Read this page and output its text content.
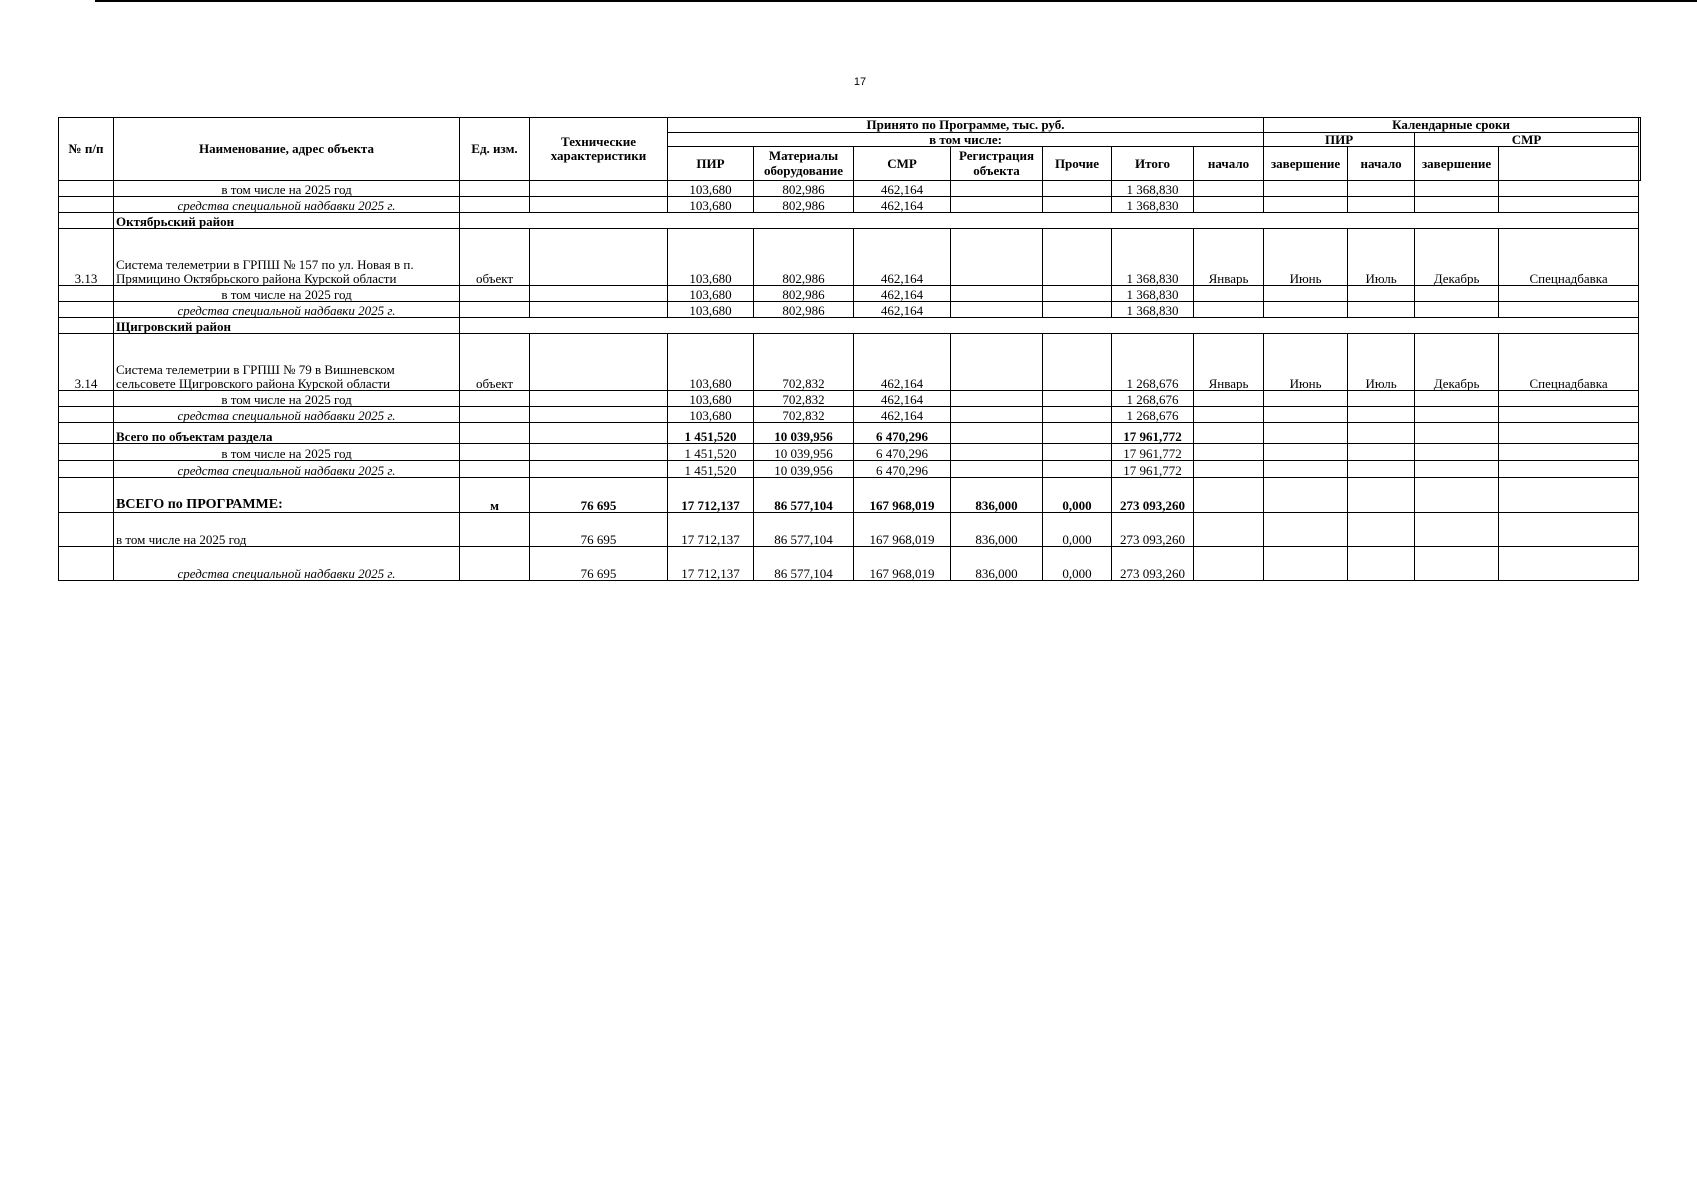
17
№ п/п	Наименование, адрес объекта	Ед. изм.	Технические характеристики	Принято по Программе, тыс. руб.							Календарные сроки	
				в том числе:							ПИР		СМР		
				ПИР	Материалы оборудование	СМР	Регистрация объекта	Прочие	Итого	начало	завершение	начало	завершение		
	в том числе на 2025 год			103,680	802,986	462,164			1 368,830						
	средства специальной надбавки 2025 г.			103,680	802,986	462,164			1 368,830						
	Октябрьский район														
3.13	Система телеметрии в ГРПШ № 157 по ул. Новая в п. Прямицино Октябрьского района Курской области	объект		103,680	802,986	462,164			1 368,830	Январь	Июнь	Июль	Декабрь	Спецнадбавка	
	в том числе на 2025 год			103,680	802,986	462,164			1 368,830						
	средства специальной надбавки 2025 г.			103,680	802,986	462,164			1 368,830						
	Щигровский район														
3.14	Система телеметрии в ГРПШ № 79 в Вишневском сельсовете Щигровского района Курской области	объект		103,680	702,832	462,164			1 268,676	Январь	Июнь	Июль	Декабрь	Спецнадбавка	
	в том числе на 2025 год			103,680	702,832	462,164			1 268,676						
	средства специальной надбавки 2025 г.			103,680	702,832	462,164			1 268,676						
	Всего по объектам раздела			1 451,520	10 039,956	6 470,296			17 961,772						
	в том числе на 2025 год			1 451,520	10 039,956	6 470,296			17 961,772						
	средства специальной надбавки 2025 г.			1 451,520	10 039,956	6 470,296			17 961,772						
	ВСЕГО по ПРОГРАММЕ:	м	76 695	17 712,137	86 577,104	167 968,019	836,000	0,000	273 093,260						
	в том числе на 2025 год		76 695	17 712,137	86 577,104	167 968,019	836,000	0,000	273 093,260						
	средства специальной надбавки 2025 г.		76 695	17 712,137	86 577,104	167 968,019	836,000	0,000	273 093,260						
